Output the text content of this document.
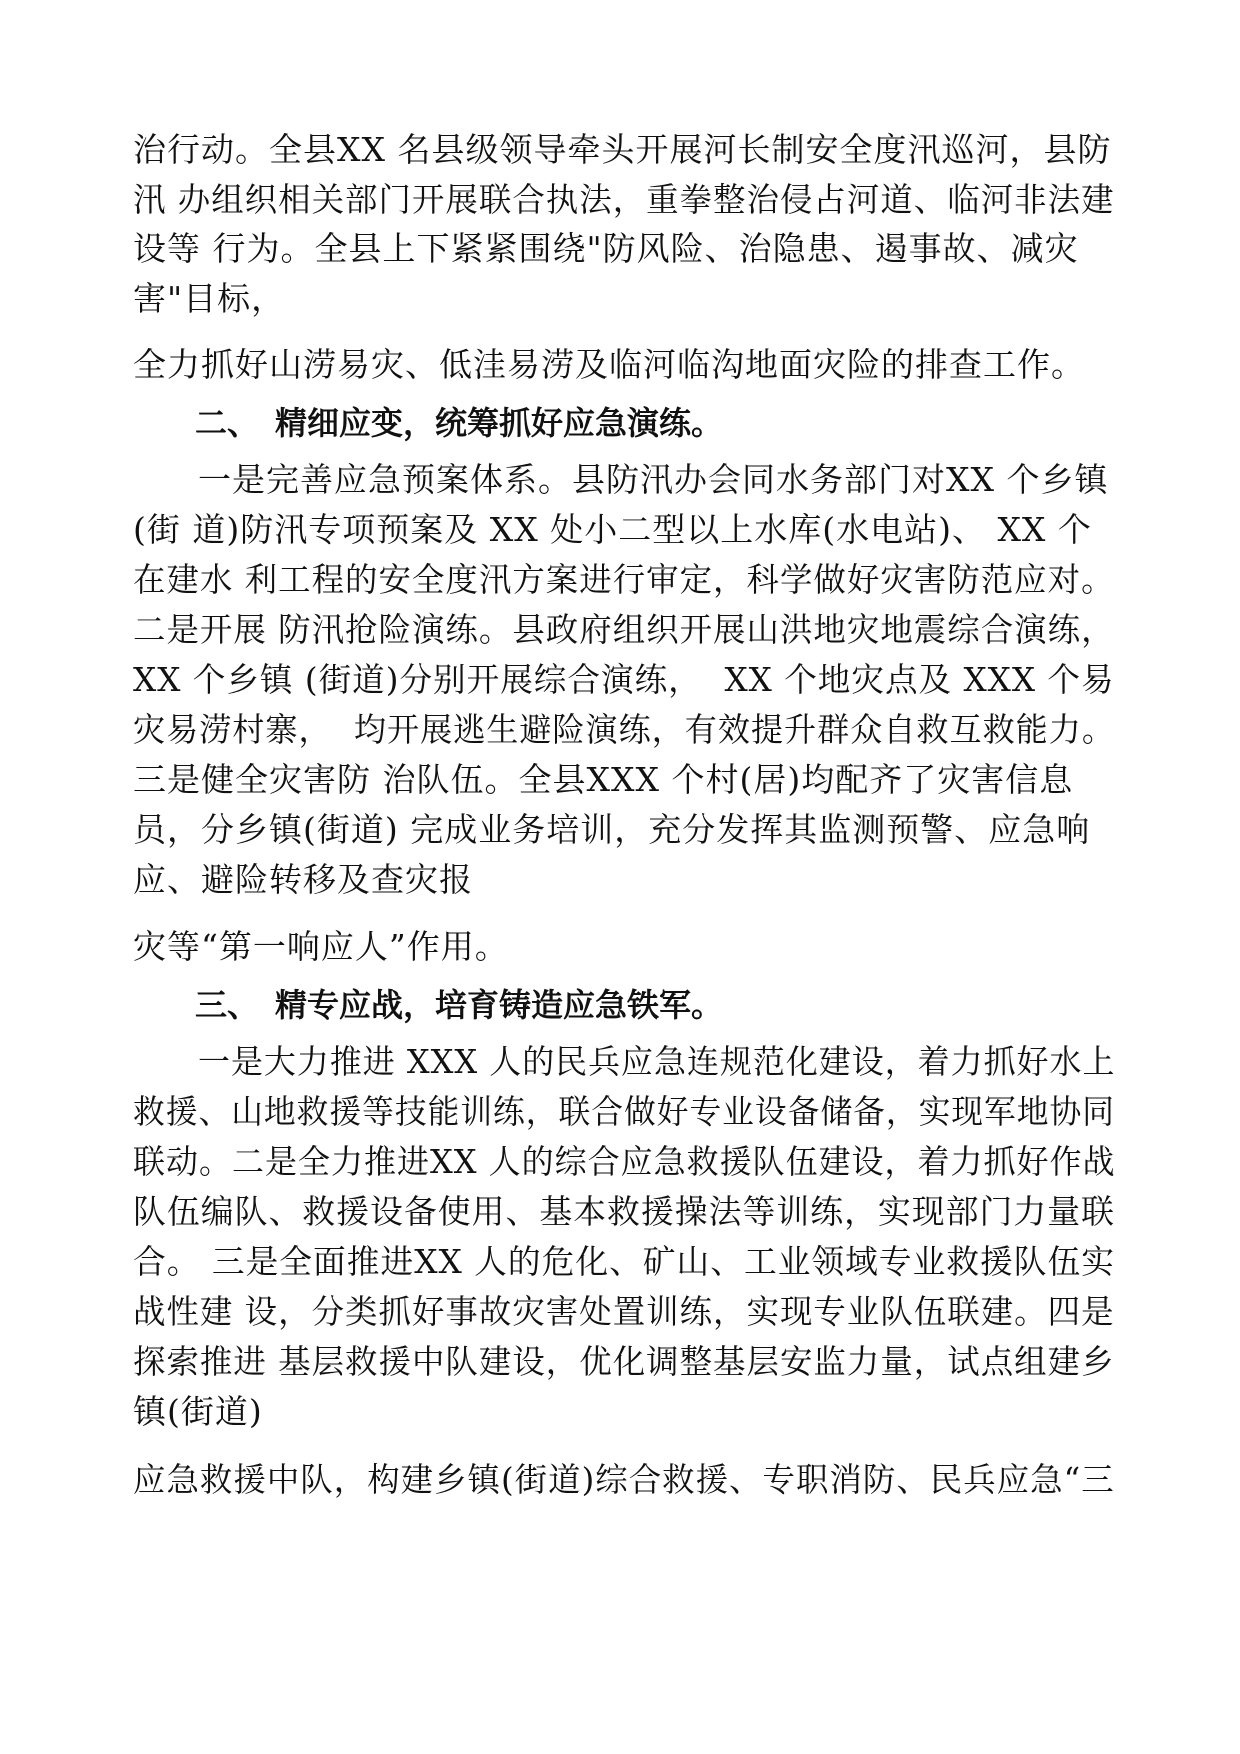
治行动。全县XX 名县级领导牵头开展河长制安全度汛巡河，县防
汛 办组织相关部门开展联合执法，重拳整治侵占河道、临河非法建
设等 行为。全县上下紧紧围绕"防风险、治隐患、遏事故、减灾
害"目标，
全力抓好山涝易灾、低洼易涝及临河临沟地面灾险的排查工作。
二、 精细应变，统筹抓好应急演练。
一是完善应急预案体系。县防汛办会同水务部门对XX 个乡镇
(街 道)防汛专项预案及 XX 处小二型以上水库(水电站)、 XX 个
在建水 利工程的安全度汛方案进行审定，科学做好灾害防范应对。
二是开展 防汛抢险演练。县政府组织开展山洪地灾地震综合演练，
XX 个乡镇 (街道)分别开展综合演练，  XX 个地灾点及 XXX 个易
灾易涝村寨，  均开展逃生避险演练，有效提升群众自救互救能力。
三是健全灾害防 治队伍。全县XXX 个村(居)均配齐了灾害信息
员，分乡镇(街道) 完成业务培训，充分发挥其监测预警、应急响
应、避险转移及查灾报
灾等“第一响应人”作用。
三、 精专应战，培育铸造应急铁军。
一是大力推进 XXX 人的民兵应急连规范化建设，着力抓好水上
救援、山地救援等技能训练，联合做好专业设备储备，实现军地协同
联动。二是全力推进XX 人的综合应急救援队伍建设，着力抓好作战
队伍编队、救援设备使用、基本救援操法等训练，实现部门力量联
合。 三是全面推进XX 人的危化、矿山、工业领域专业救援队伍实
战性建 设，分类抓好事故灾害处置训练，实现专业队伍联建。四是
探索推进 基层救援中队建设，优化调整基层安监力量，试点组建乡
镇(街道)
应急救援中队，构建乡镇(街道)综合救援、专职消防、民兵应急“三
